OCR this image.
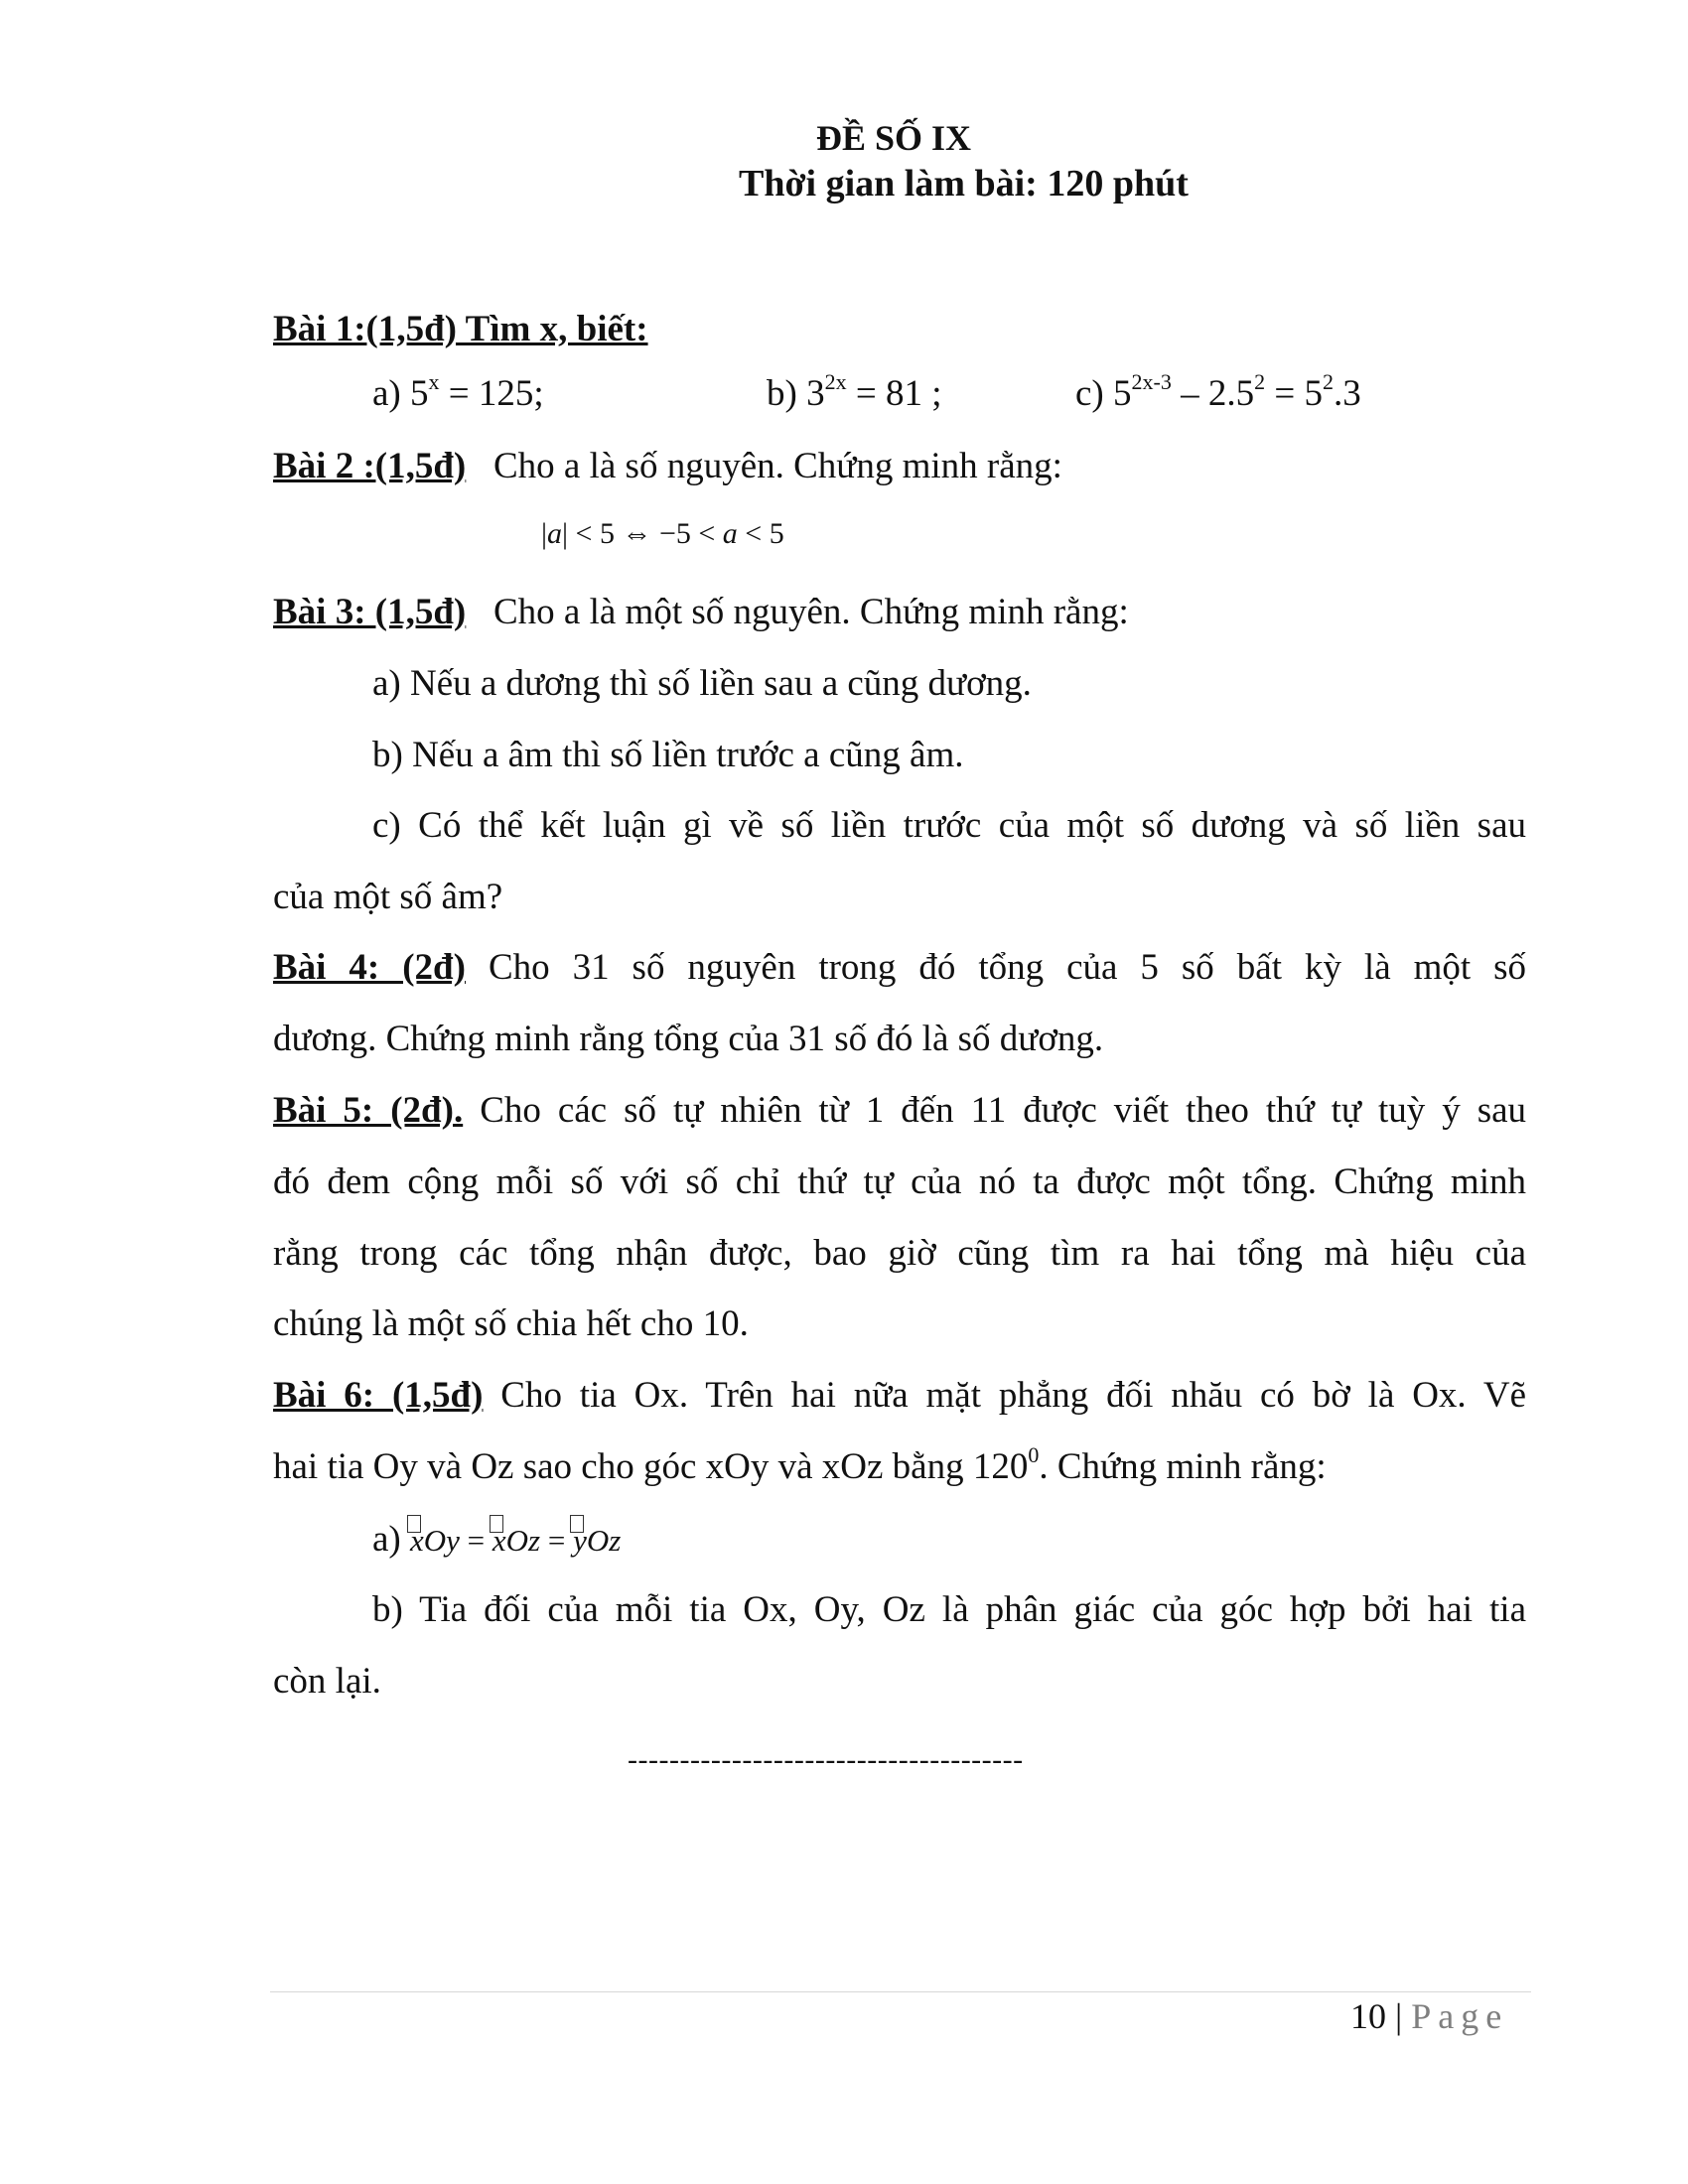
ĐỀ SỐ IX
Thời gian làm bài: 120 phút
Bài 1:(1,5đ) Tìm x, biết:
a) $5^x = 125$;	b) $3^{2x} = 81$ ;	c) $5^{2x-3} - 2.5^2 = 5^2.3$
Bài 2 :(1,5đ) Cho a là số nguyên. Chứng minh rằng:
|a| < 5 ⇔ −5 < a < 5
Bài 3: (1,5đ) Cho a là một số nguyên. Chứng minh rằng:
a) Nếu a dương thì số liền sau a cũng dương.
b) Nếu a âm thì số liền trước a cũng âm.
c) Có thể kết luận gì về số liền trước của một số dương và số liền sau
của một số âm?
Bài 4: (2đ) Cho 31 số nguyên trong đó tổng của 5 số bất kỳ là một số
dương. Chứng minh rằng tổng của 31 số đó là số dương.
Bài 5: (2đ). Cho các số tự nhiên từ 1 đến 11 được viết theo thứ tự tuỳ ý sau
đó đem cộng mỗi số với số chỉ thứ tự của nó ta được một tổng. Chứng minh
rằng trong các tổng nhận được, bao giờ cũng tìm ra hai tổng mà hiệu của
chúng là một số chia hết cho 10.
Bài 6: (1,5đ) Cho tia Ox. Trên hai nữa mặt phẳng đối nhău có bờ là Ox. Vẽ
hai tia Oy và Oz sao cho góc xOy và xOz bằng $120^0$. Chứng minh rằng:
a)
xOy =
xOz =
yOz
b) Tia đối của mỗi tia Ox, Oy, Oz là phân giác của góc hợp bởi hai tia
còn lại.
--------------------------------------
10 | Page
